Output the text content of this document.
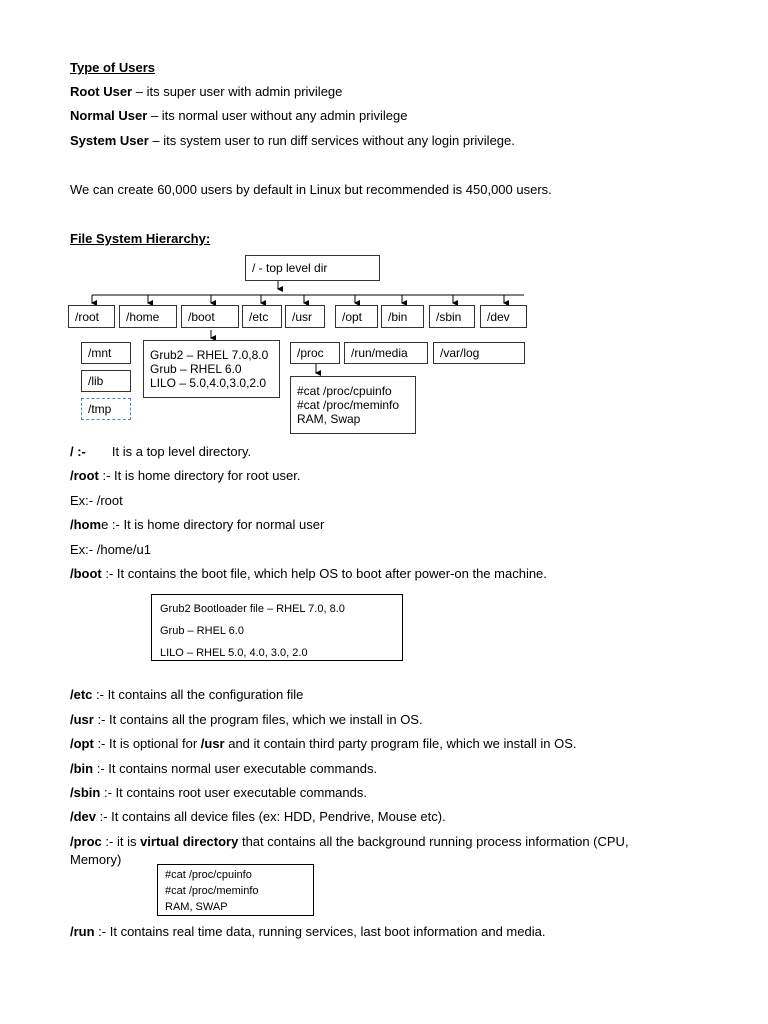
Type of Users
Root User – its super user with admin privilege
Normal User – its normal user without any admin privilege
System User – its system user to run diff services without any login privilege.
We can create 60,000 users by default in Linux but recommended is 450,000 users.
File System Hierarchy:
/ - top level dir
/root	/home	/boot	/etc	/usr	/opt	/bin	/sbin	/dev
/mnt
/lib
/tmp
Grub2 – RHEL 7.0,8.0
Grub – RHEL 6.0
LILO – 5.0,4.0,3.0,2.0
/proc	/run/media	/var/log
#cat /proc/cpuinfo
#cat /proc/meminfo
RAM, Swap
/ :- It is a top level directory.
/root :- It is home directory for root user.
Ex:- /root
/home :- It is home directory for normal user
Ex:- /home/u1
/boot :- It contains the boot file, which help OS to boot after power-on the machine.
Grub2 Bootloader file – RHEL 7.0, 8.0
Grub – RHEL 6.0
LILO – RHEL 5.0, 4.0, 3.0, 2.0
/etc :- It contains all the configuration file
/usr :- It contains all the program files, which we install in OS.
/opt :- It is optional for /usr and it contain third party program file, which we install in OS.
/bin :- It contains normal user executable commands.
/sbin :- It contains root user executable commands.
/dev :- It contains all device files (ex: HDD, Pendrive, Mouse etc).
/proc :- it is virtual directory that contains all the background running process information (CPU,
Memory)
#cat /proc/cpuinfo
#cat /proc/meminfo
RAM, SWAP
/run :- It contains real time data, running services, last boot information and media.
